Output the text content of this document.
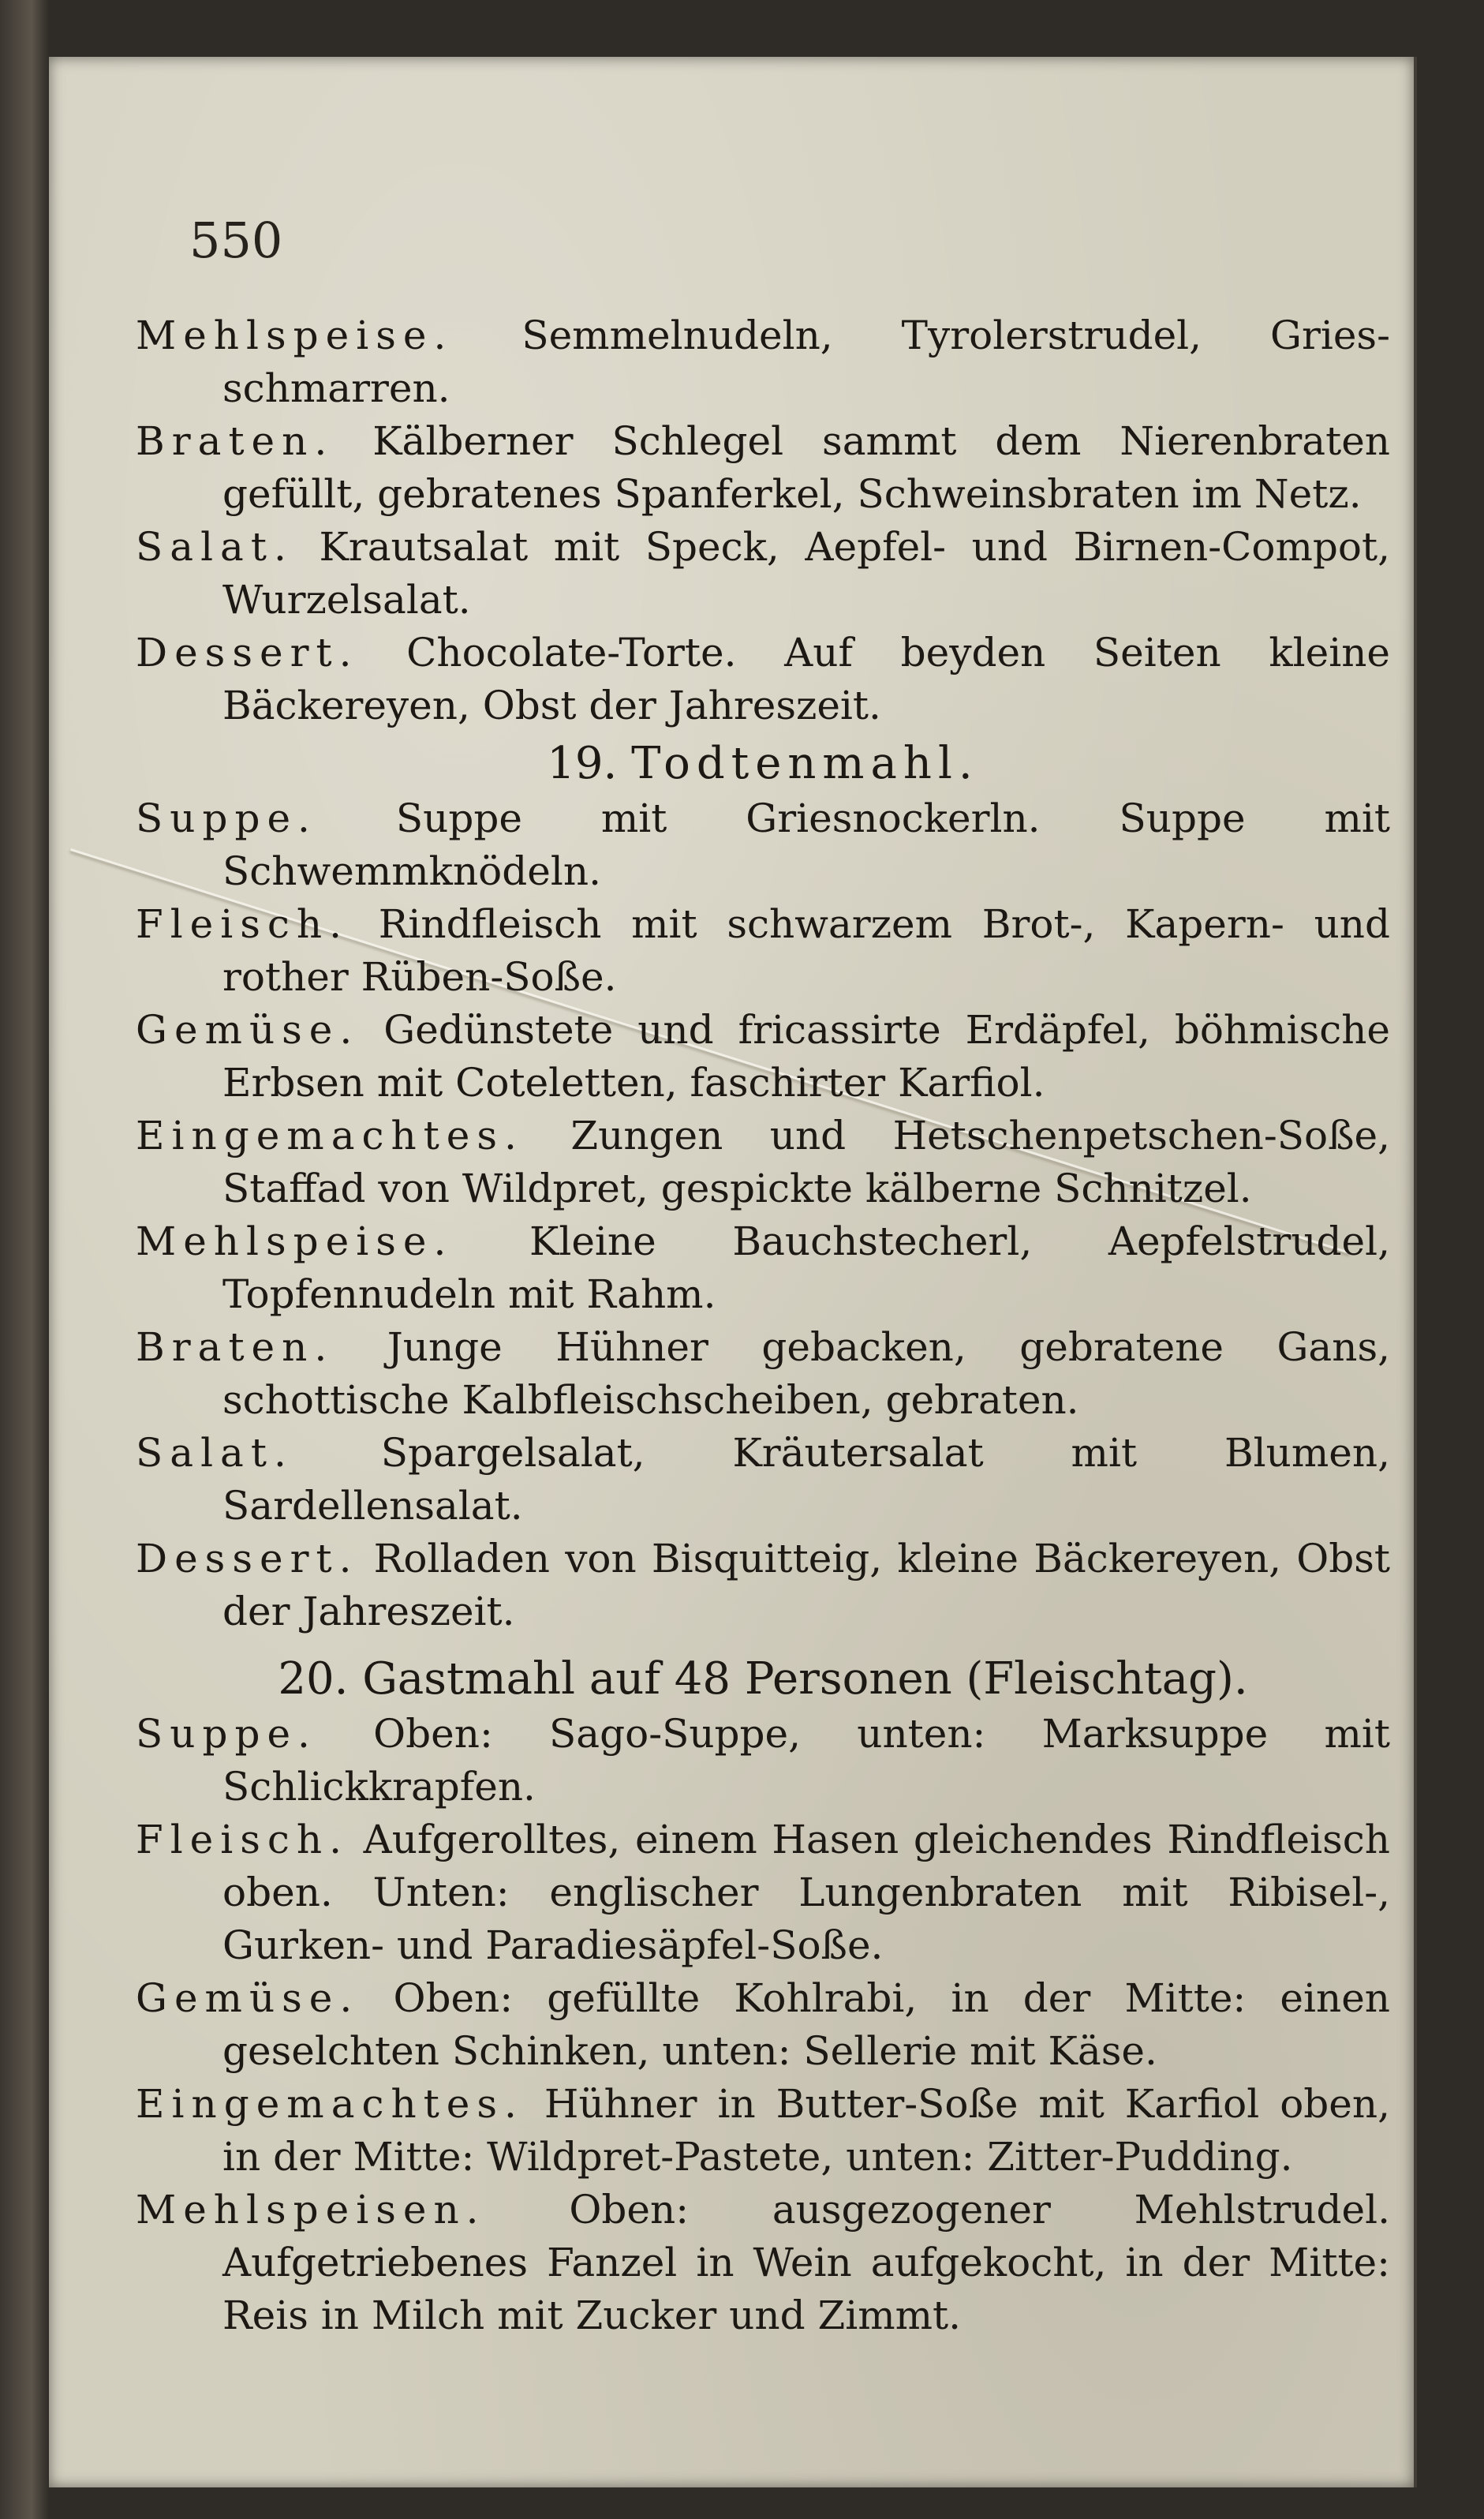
550

Mehlspeise. Semmelnudeln, Tyrolerstrudel, Gries-schmarren.

Braten. Kälberner Schlegel sammt dem Nierenbraten gefüllt, gebratenes Spanferkel, Schweinsbraten im Netz.

Salat. Krautsalat mit Speck, Aepfel- und Birnen-Compot, Wurzelsalat.

Dessert. Chocolate-Torte. Auf beyden Seiten kleine Bäckereyen, Obst der Jahreszeit.

19. Todtenmahl.

Suppe. Suppe mit Griesnockerln. Suppe mit Schwemmknödeln.

Fleisch. Rindfleisch mit schwarzem Brot-, Kapern- und rother Rüben-Soße.

Gemüse. Gedünstete und fricassirte Erdäpfel, böhmische Erbsen mit Coteletten, faschirter Karfiol.

Eingemachtes. Zungen und Hetschenpetschen-Soße, Staffad von Wildpret, gespickte kälberne Schnitzel.

Mehlspeise. Kleine Bauchstecherl, Aepfelstrudel, Topfennudeln mit Rahm.

Braten. Junge Hühner gebacken, gebratene Gans, schottische Kalbfleischscheiben, gebraten.

Salat. Spargelsalat, Kräutersalat mit Blumen, Sardellensalat.

Dessert. Rolladen von Bisquitteig, kleine Bäckereyen, Obst der Jahreszeit.

20. Gastmahl auf 48 Personen (Fleischtag).

Suppe. Oben: Sago-Suppe, unten: Marksuppe mit Schlickkrapfen.

Fleisch. Aufgerolltes, einem Hasen gleichendes Rindfleisch oben. Unten: englischer Lungenbraten mit Ribisel-, Gurken- und Paradiesäpfel-Soße.

Gemüse. Oben: gefüllte Kohlrabi, in der Mitte: einen geselchten Schinken, unten: Sellerie mit Käse.

Eingemachtes. Hühner in Butter-Soße mit Karfiol oben, in der Mitte: Wildpret-Pastete, unten: Zitter-Pudding.

Mehlspeisen. Oben: ausgezogener Mehlstrudel. Aufgetriebenes Fanzel in Wein aufgekocht, in der Mitte: Reis in Milch mit Zucker und Zimmt.
